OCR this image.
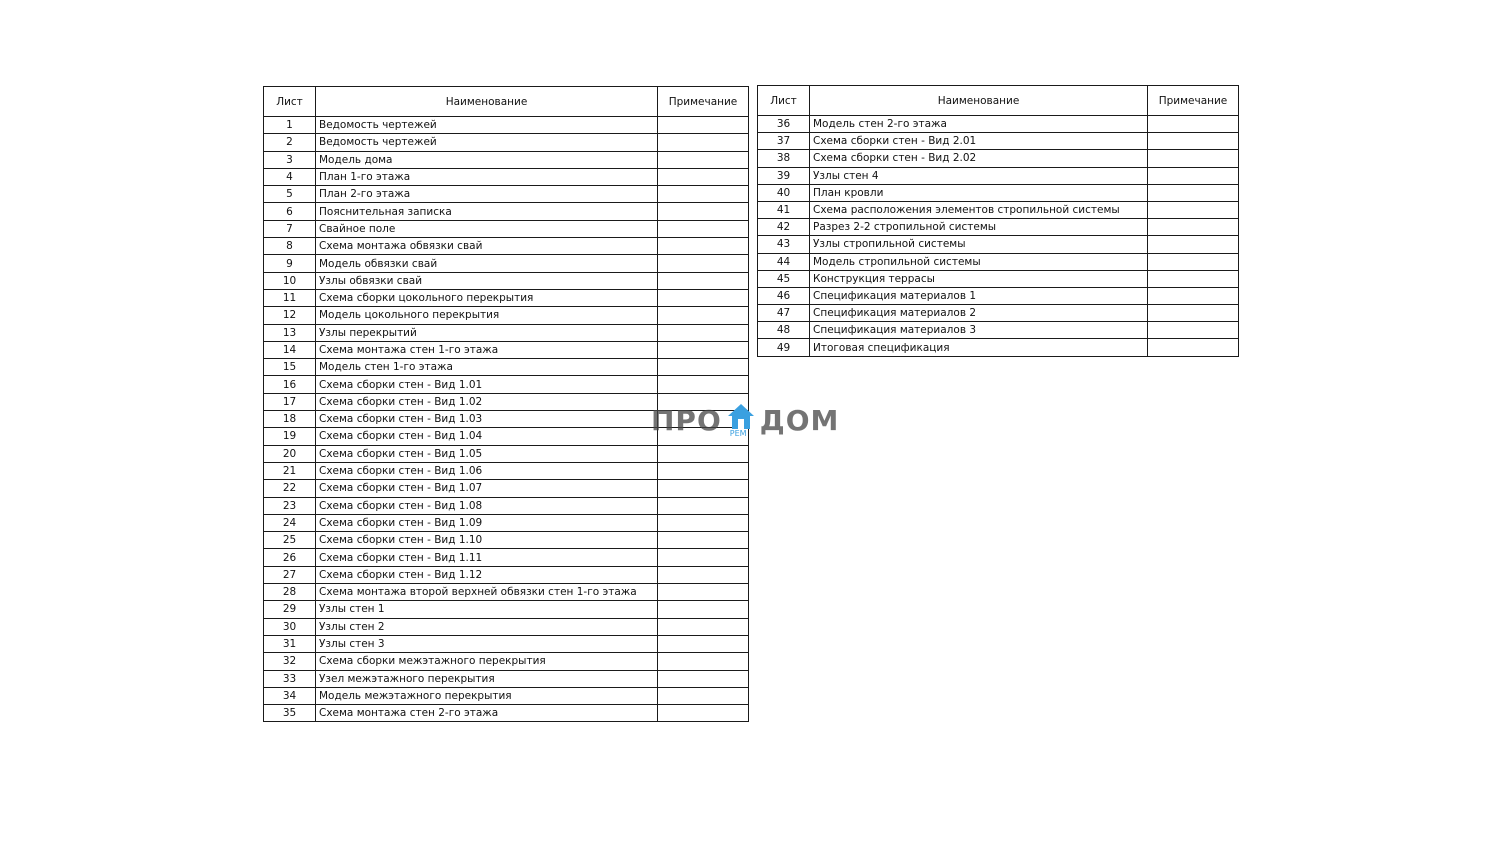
Лист	Наименование	Примечание
1	Ведомость чертежей	
2	Ведомость чертежей	
3	Модель дома	
4	План 1-го этажа	
5	План 2-го этажа	
6	Пояснительная записка	
7	Свайное поле	
8	Схема монтажа обвязки свай	
9	Модель обвязки свай	
10	Узлы обвязки свай	
11	Схема сборки цокольного перекрытия	
12	Модель цокольного перекрытия	
13	Узлы перекрытий	
14	Схема монтажа стен 1-го этажа	
15	Модель стен 1-го этажа	
16	Схема сборки стен - Вид 1.01	
17	Схема сборки стен - Вид 1.02	
18	Схема сборки стен - Вид 1.03	
19	Схема сборки стен - Вид 1.04	
20	Схема сборки стен - Вид 1.05	
21	Схема сборки стен - Вид 1.06	
22	Схема сборки стен - Вид 1.07	
23	Схема сборки стен - Вид 1.08	
24	Схема сборки стен - Вид 1.09	
25	Схема сборки стен - Вид 1.10	
26	Схема сборки стен - Вид 1.11	
27	Схема сборки стен - Вид 1.12	
28	Схема монтажа второй верхней обвязки стен 1-го этажа	
29	Узлы стен 1	
30	Узлы стен 2	
31	Узлы стен 3	
32	Схема сборки межэтажного перекрытия	
33	Узел межэтажного перекрытия	
34	Модель межэтажного перекрытия	
35	Схема монтажа стен 2-го этажа	
Лист	Наименование	Примечание
36	Модель стен 2-го этажа	
37	Схема сборки стен - Вид 2.01	
38	Схема сборки стен - Вид 2.02	
39	Узлы стен 4	
40	План кровли	
41	Схема расположения элементов стропильной системы	
42	Разрез 2-2 стропильной системы	
43	Узлы стропильной системы	
44	Модель стропильной системы	
45	Конструкция террасы	
46	Спецификация материалов 1	
47	Спецификация материалов 2	
48	Спецификация материалов 3	
49	Итоговая спецификация	
ПРО РЕМ ДОМ
